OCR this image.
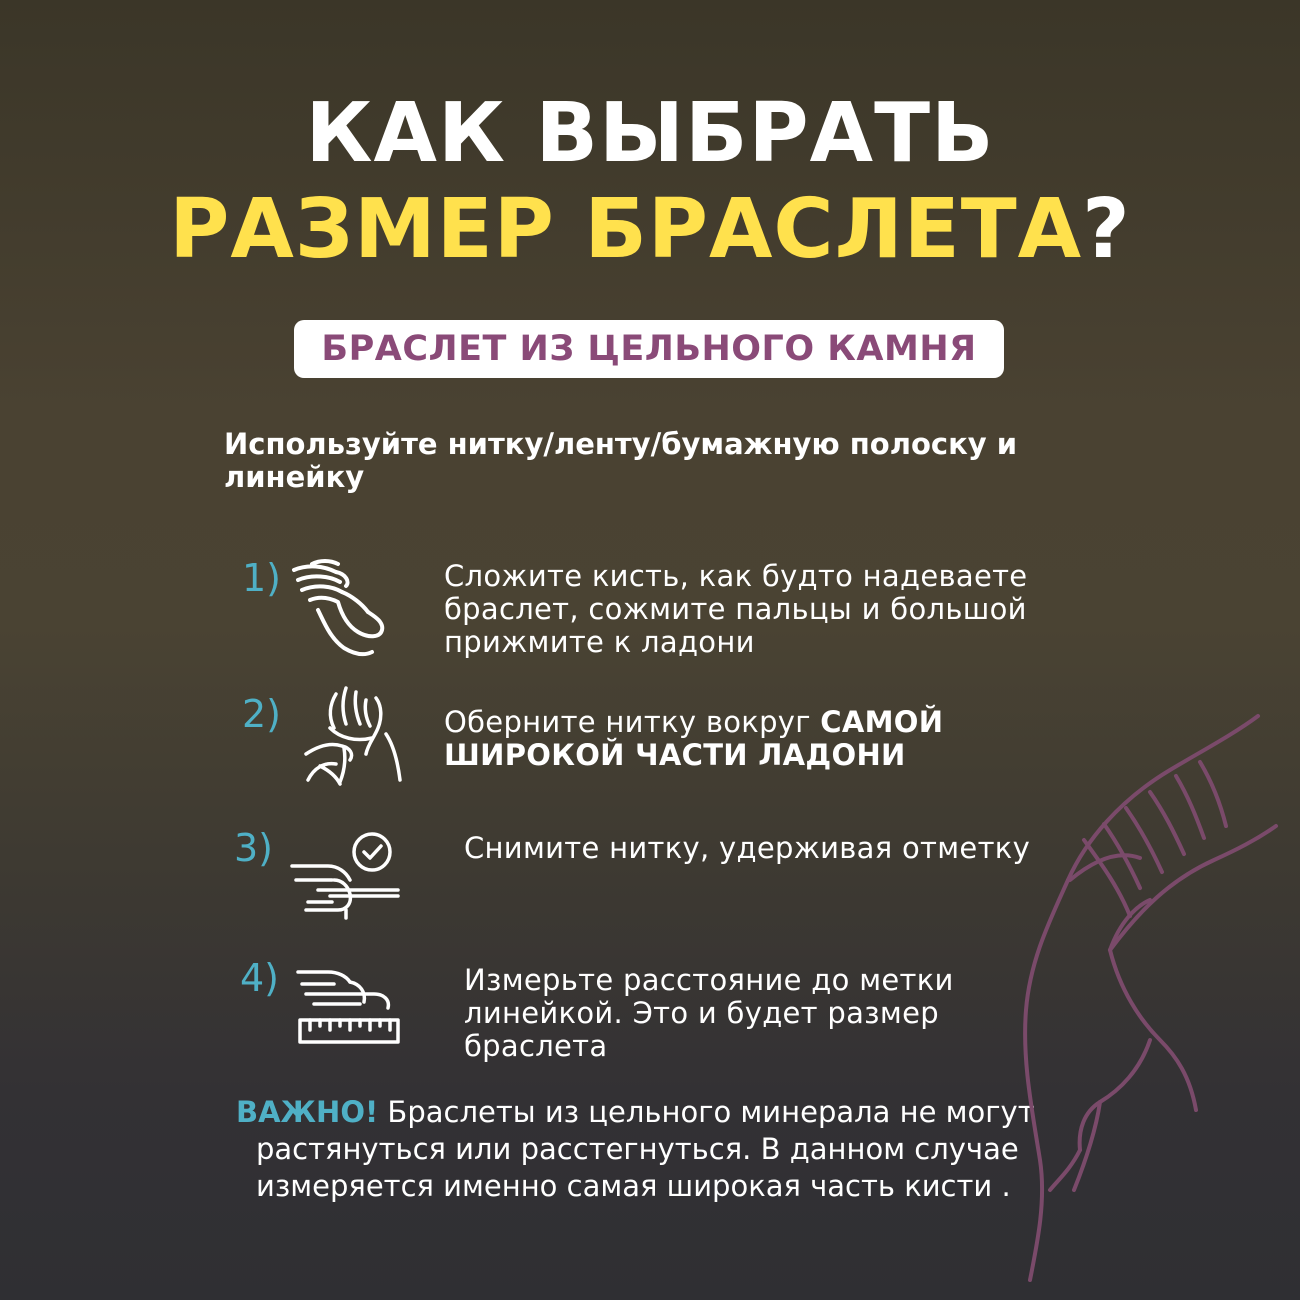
КАК ВЫБРАТЬ
РАЗМЕР БРАСЛЕТА?
БРАСЛЕТ ИЗ ЦЕЛЬНОГО КАМНЯ
Используйте нитку/ленту/бумажную полоску и линейку
1)	Сложите кисть, как будто надеваете браслет, сожмите пальцы и большой прижмите к ладони
2)	Оберните нитку вокруг САМОЙ ШИРОКОЙ ЧАСТИ ЛАДОНИ
3)	Снимите нитку, удерживая отметку
4)	Измерьте расстояние до метки линейкой. Это и будет размер браслета
ВАЖНО! Браслеты из цельного минерала не могут
растянуться или расстегнуться. В данном случае
измеряется именно самая широкая часть кисти .
